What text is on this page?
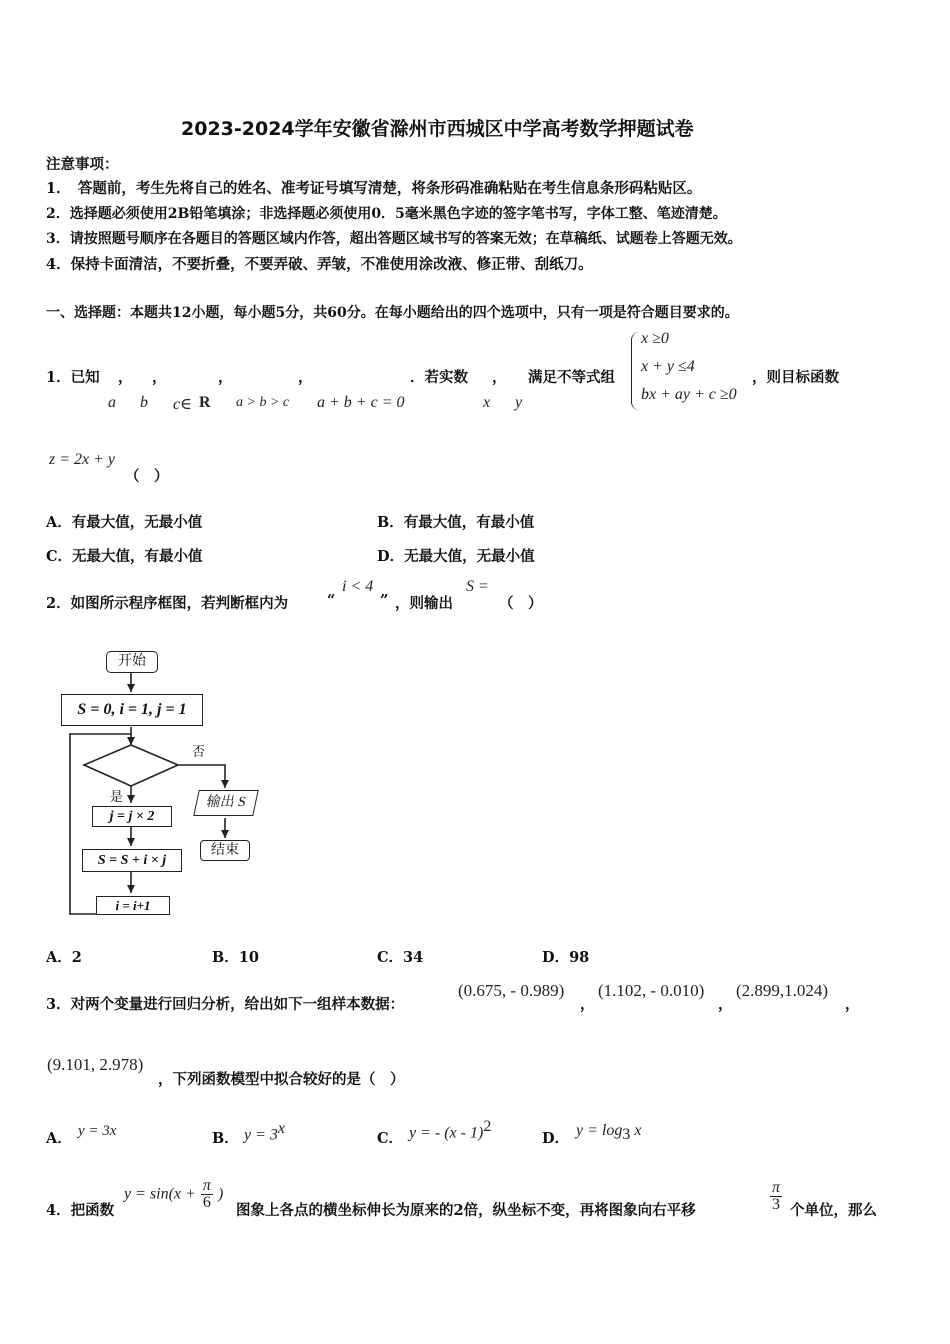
2023-2024学年安徽省滁州市西城区中学高考数学押题试卷
注意事项：
1．　答题前，考生先将自己的姓名、准考证号填写清楚，将条形码准确粘贴在考生信息条形码粘贴区。
2．选择题必须使用2B铅笔填涂；非选择题必须使用0．5毫米黑色字迹的签字笔书写，字体工整、笔迹清楚。
3．请按照题号顺序在各题目的答题区域内作答，超出答题区域书写的答案无效；在草稿纸、试题卷上答题无效。
4．保持卡面清洁，不要折叠，不要弄破、弄皱，不准使用涂改液、修正带、刮纸刀。
一、选择题：本题共12小题，每小题5分，共60分。在每小题给出的四个选项中，只有一项是符合题目要求的。
1．已知 ， ，	，	，	．若实数 ， 满足不等式组
a b c∈ R a > b > c a + b + c = 0	x y
x ≥0
x + y ≤4
bx + ay + c ≥0
，则目标函数
z = 2x + y
（　）
A．有最大值，无最小值	B．有最大值，有最小值
C．无最大值，有最小值	D．无最大值，无最小值
2．如图所示程序框图，若判断框内为	“
i < 4
” ，则输出
S =
（　）
开始
S = 0, i = 1, j = 1
否
是
j = j × 2
S = S + i × j
i = i+1
输出 S
结束
A．2	B．10	C．34	D．98
3．对两个变量进行回归分析，给出如下一组样本数据：
(0.675, - 0.989)
，
(1.102, - 0.010)
，
(2.899,1.024)
，
(9.101, 2.978)
，下列函数模型中拟合较好的是（　）
A． y = 3x	B． $y = 3^x$
C． y = - (x - 1)$^2$
D． $y = \log_3 x$
4．把函数
$y = \sin(x + \frac{\pi}{6}$ )
图象上各点的横坐标伸长为原来的2倍，纵坐标不变，再将图象向右平移	$\frac{\pi}{3}$ 个单位，那么
